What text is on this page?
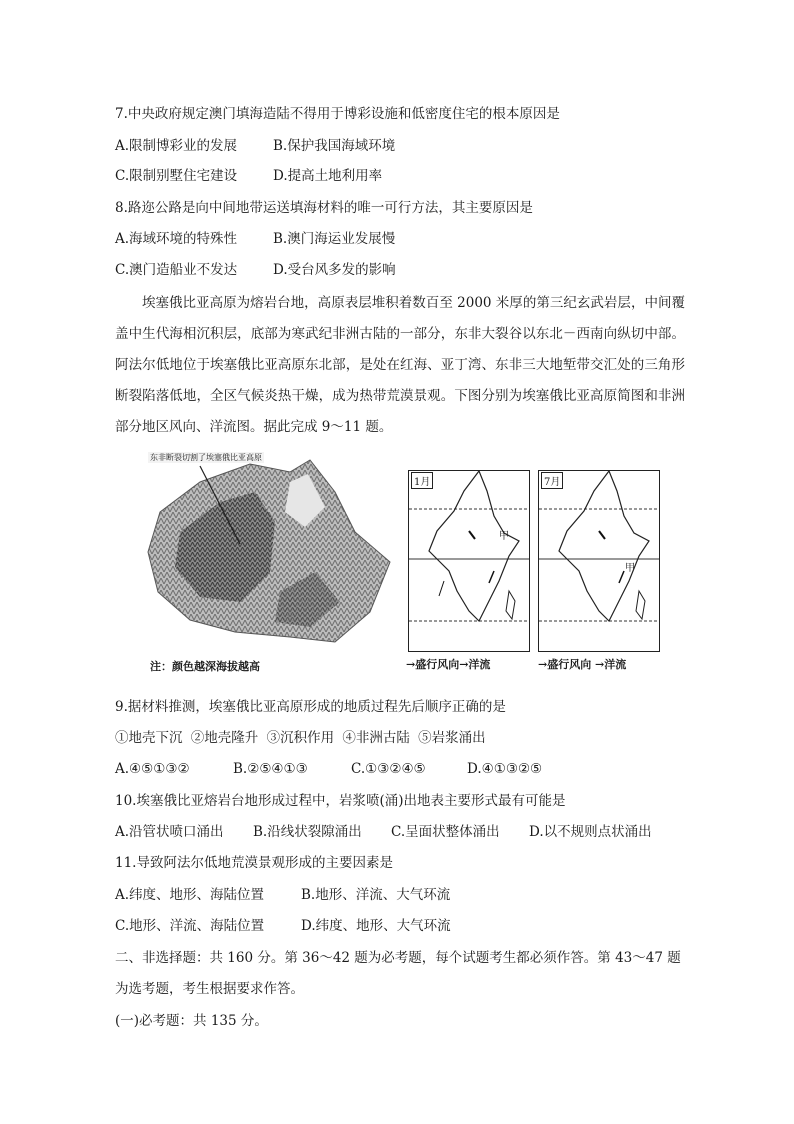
7.中央政府规定澳门填海造陆不得用于博彩设施和低密度住宅的根本原因是
A.限制博彩业的发展	B.保护我国海域环境
C.限制别墅住宅建设	D.提高土地利用率
8.路迩公路是向中间地带运送填海材料的唯一可行方法，其主要原因是
A.海域环境的特殊性	B.澳门海运业发展慢
C.澳门造船业不发达	D.受台风多发的影响
埃塞俄比亚高原为熔岩台地，高原表层堆积着数百至 2000 米厚的第三纪玄武岩层，中间覆盖中生代海相沉积层，底部为寒武纪非洲古陆的一部分，东非大裂谷以东北－西南向纵切中部。阿法尔低地位于埃塞俄比亚高原东北部，是处在红海、亚丁湾、东非三大地堑带交汇处的三角形断裂陷落低地，全区气候炎热干燥，成为热带荒漠景观。下图分别为埃塞俄比亚高原简图和非洲部分地区风向、洋流图。据此完成 9～11 题。
东非断裂切割了埃塞俄比亚高原
注：颜色越深海拔越高
1月
甲
7月
甲
→盛行风向→洋流	→盛行风向 →洋流
9.据材料推测，埃塞俄比亚高原形成的地质过程先后顺序正确的是
①地壳下沉 ②地壳隆升 ③沉积作用 ④非洲古陆 ⑤岩浆涌出
A.④⑤①③②	B.②⑤④①③	C.①③②④⑤	D.④①③②⑤
10.埃塞俄比亚熔岩台地形成过程中，岩浆喷(涌)出地表主要形式最有可能是
A.沿管状喷口涌出 B.沿线状裂隙涌出 C.呈面状整体涌出 D.以不规则点状涌出
11.导致阿法尔低地荒漠景观形成的主要因素是
A.纬度、地形、海陆位置	B.地形、洋流、大气环流
C.地形、洋流、海陆位置	D.纬度、地形、大气环流
二、非选择题：共 160 分。第 36～42 题为必考题，每个试题考生都必须作答。第 43～47 题
为选考题，考生根据要求作答。
(一)必考题：共 135 分。
